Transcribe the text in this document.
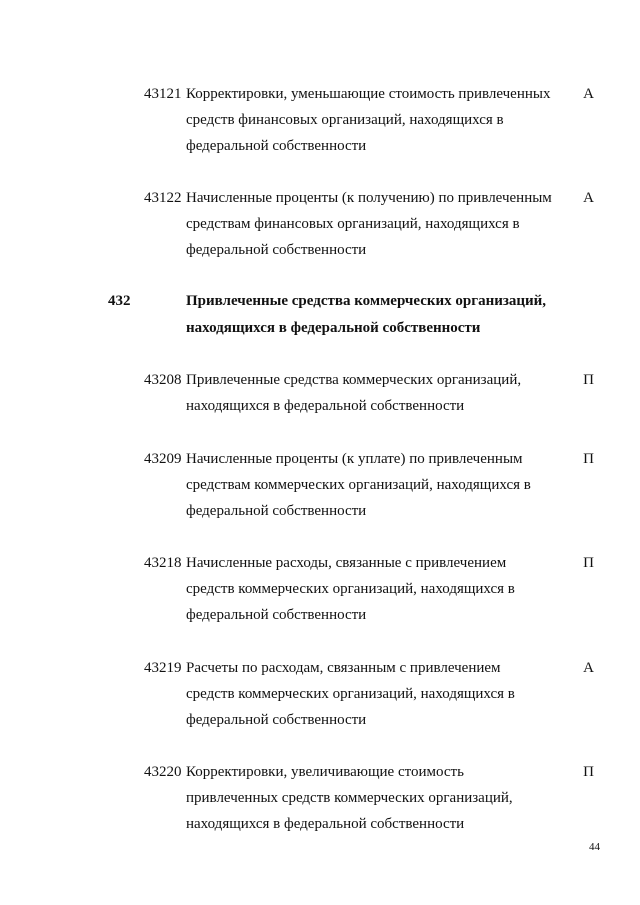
43121 Корректировки, уменьшающие стоимость привлеченных
средств финансовых организаций, находящихся в
федеральной собственности
А
43122 Начисленные проценты (к получению) по привлеченным
средствам финансовых организаций, находящихся в
федеральной собственности
А
432	Привлеченные средства коммерческих организаций,
находящихся в федеральной собственности
43208 Привлеченные средства коммерческих организаций,
находящихся в федеральной собственности
П
43209 Начисленные проценты (к уплате) по привлеченным
средствам коммерческих организаций, находящихся в
федеральной собственности
П
43218 Начисленные расходы, связанные с привлечением
средств коммерческих организаций, находящихся в
федеральной собственности
П
43219 Расчеты по расходам, связанным с привлечением
средств коммерческих организаций, находящихся в
федеральной собственности
А
43220 Корректировки, увеличивающие стоимость
привлеченных средств коммерческих организаций,
находящихся в федеральной собственности
П
44
